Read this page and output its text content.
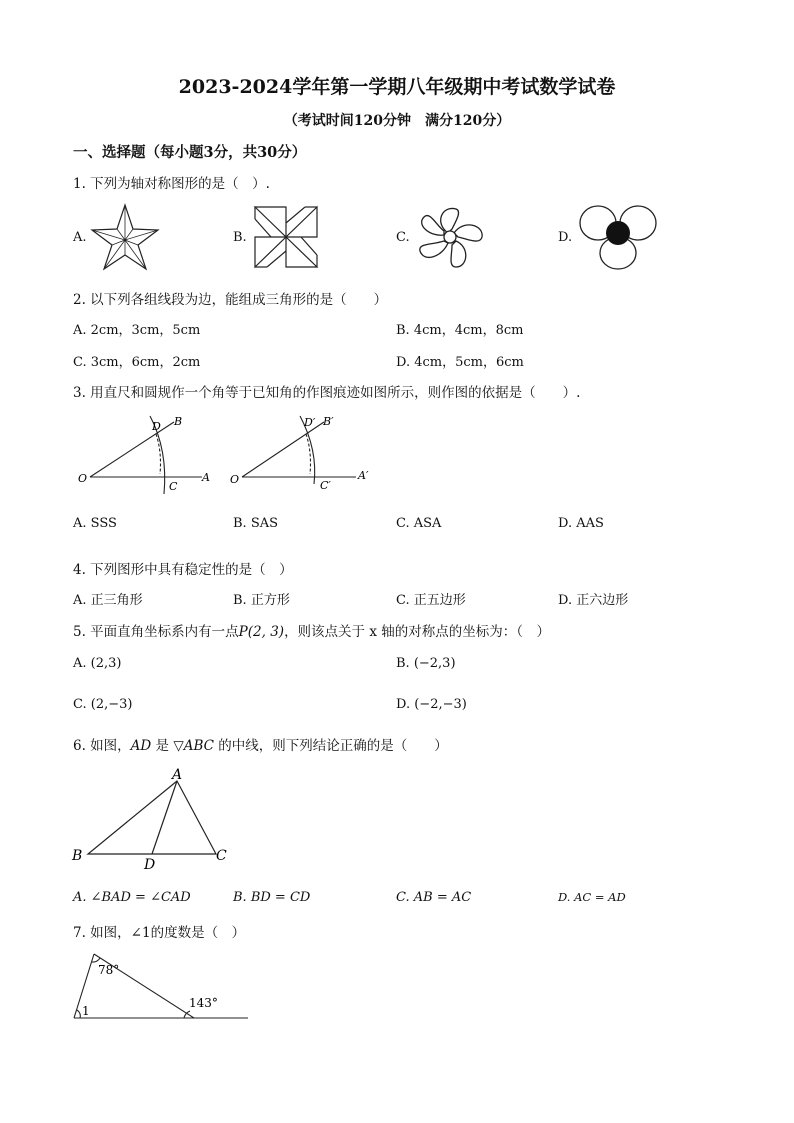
2023-2024学年第一学期八年级期中考试数学试卷
（考试时间120分钟　满分120分）
一、选择题（每小题3分，共30分）
1. 下列为轴对称图形的是（　）.
A.	B.	C.	D.
2. 以下列各组线段为边，能组成三角形的是（　　）
A. 2cm，3cm，5cm	B. 4cm，4cm，8cm
C. 3cm，6cm，2cm	D. 4cm，5cm，6cm
3. 用直尺和圆规作一个角等于已知角的作图痕迹如图所示，则作图的依据是（　　）.
O	A
B
C
D
O	A′
B′
C′
D′
A. SSS	B. SAS	C. ASA	D. AAS
4. 下列图形中具有稳定性的是（　）
A. 正三角形	B. 正方形	C. 正五边形	D. 正六边形
5. 平面直角坐标系内有一点P(2, 3)，则该点关于 x 轴的对称点的坐标为：（　）
A. (2,3)	B. (−2,3)
C. (2,−3)	D. (−2,−3)
6. 如图，AD 是 ▽ABC 的中线，则下列结论正确的是（　　）
A
B	C
D
A. ∠BAD = ∠CAD	B. BD = CD	C. AB = AC	D. AC = AD
7. 如图，∠1的度数是（　）
78°
143°
1
